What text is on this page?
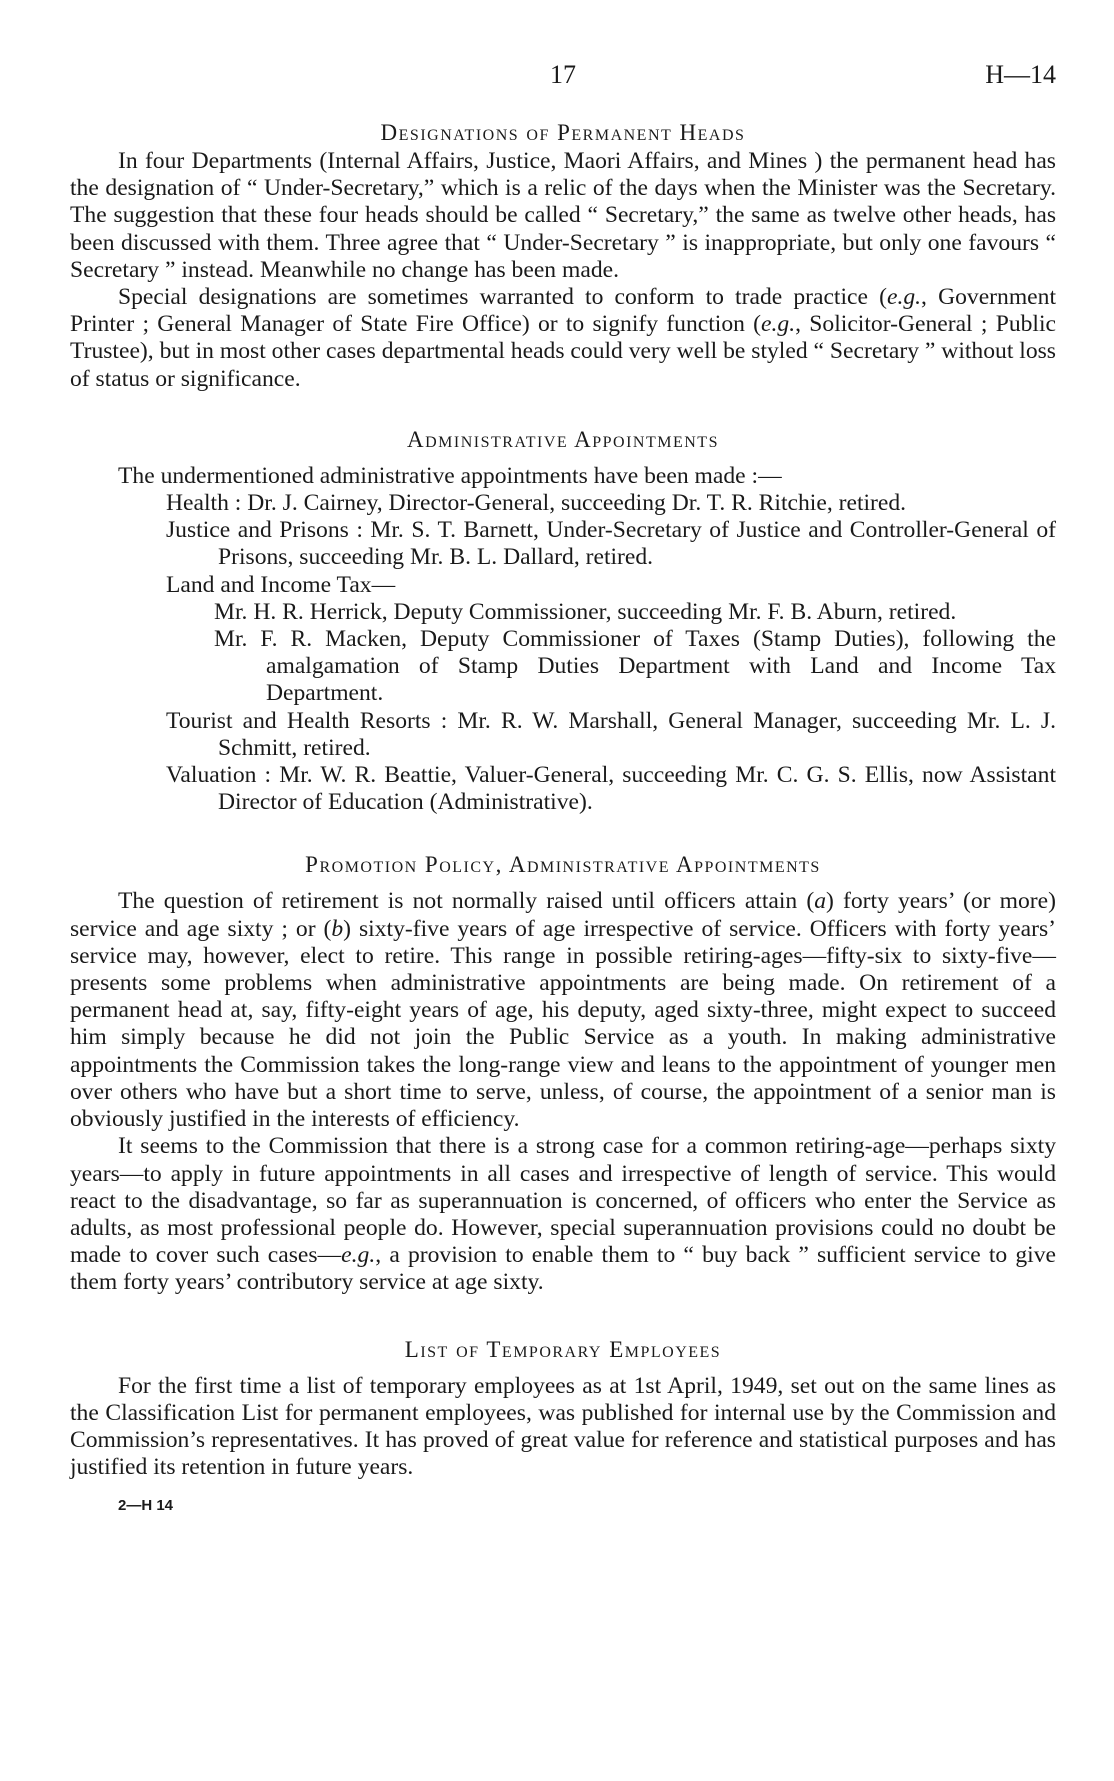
17	H—14
Designations of Permanent Heads

In four Departments (Internal Affairs, Justice, Maori Affairs, and Mines ) the permanent head has the designation of “ Under-Secretary,” which is a relic of the days when the Minister was the Secretary. The suggestion that these four heads should be called “ Secretary,” the same as twelve other heads, has been discussed with them. Three agree that “ Under-Secretary ” is inappropriate, but only one favours “ Secretary ” instead. Meanwhile no change has been made.

Special designations are sometimes warranted to conform to trade practice (e.g., Government Printer ; General Manager of State Fire Office) or to signify function (e.g., Solicitor-General ; Public Trustee), but in most other cases departmental heads could very well be styled “ Secretary ” without loss of status or significance.

Administrative Appointments

The undermentioned administrative appointments have been made :—

Health : Dr. J. Cairney, Director-General, succeeding Dr. T. R. Ritchie, retired.
Justice and Prisons : Mr. S. T. Barnett, Under-Secretary of Justice and Controller-General of Prisons, succeeding Mr. B. L. Dallard, retired.
Land and Income Tax—
Mr. H. R. Herrick, Deputy Commissioner, succeeding Mr. F. B. Aburn, retired.
Mr. F. R. Macken, Deputy Commissioner of Taxes (Stamp Duties), following the amalgamation of Stamp Duties Department with Land and Income Tax Department.
Tourist and Health Resorts : Mr. R. W. Marshall, General Manager, succeeding Mr. L. J. Schmitt, retired.
Valuation : Mr. W. R. Beattie, Valuer-General, succeeding Mr. C. G. S. Ellis, now Assistant Director of Education (Administrative).
Promotion Policy, Administrative Appointments

The question of retirement is not normally raised until officers attain (a) forty years’ (or more) service and age sixty ; or (b) sixty-five years of age irrespective of service. Officers with forty years’ service may, however, elect to retire. This range in possible retiring-ages—fifty-six to sixty-five—presents some problems when administrative appointments are being made. On retirement of a permanent head at, say, fifty-eight years of age, his deputy, aged sixty-three, might expect to succeed him simply because he did not join the Public Service as a youth. In making administrative appointments the Commission takes the long-range view and leans to the appointment of younger men over others who have but a short time to serve, unless, of course, the appointment of a senior man is obviously justified in the interests of efficiency.

It seems to the Commission that there is a strong case for a common retiring-age—perhaps sixty years—to apply in future appointments in all cases and irrespective of length of service. This would react to the disadvantage, so far as superannuation is concerned, of officers who enter the Service as adults, as most professional people do. However, special superannuation provisions could no doubt be made to cover such cases—e.g., a provision to enable them to “ buy back ” sufficient service to give them forty years’ contributory service at age sixty.

List of Temporary Employees

For the first time a list of temporary employees as at 1st April, 1949, set out on the same lines as the Classification List for permanent employees, was published for internal use by the Commission and Commission’s representatives. It has proved of great value for reference and statistical purposes and has justified its retention in future years.

2—H 14
